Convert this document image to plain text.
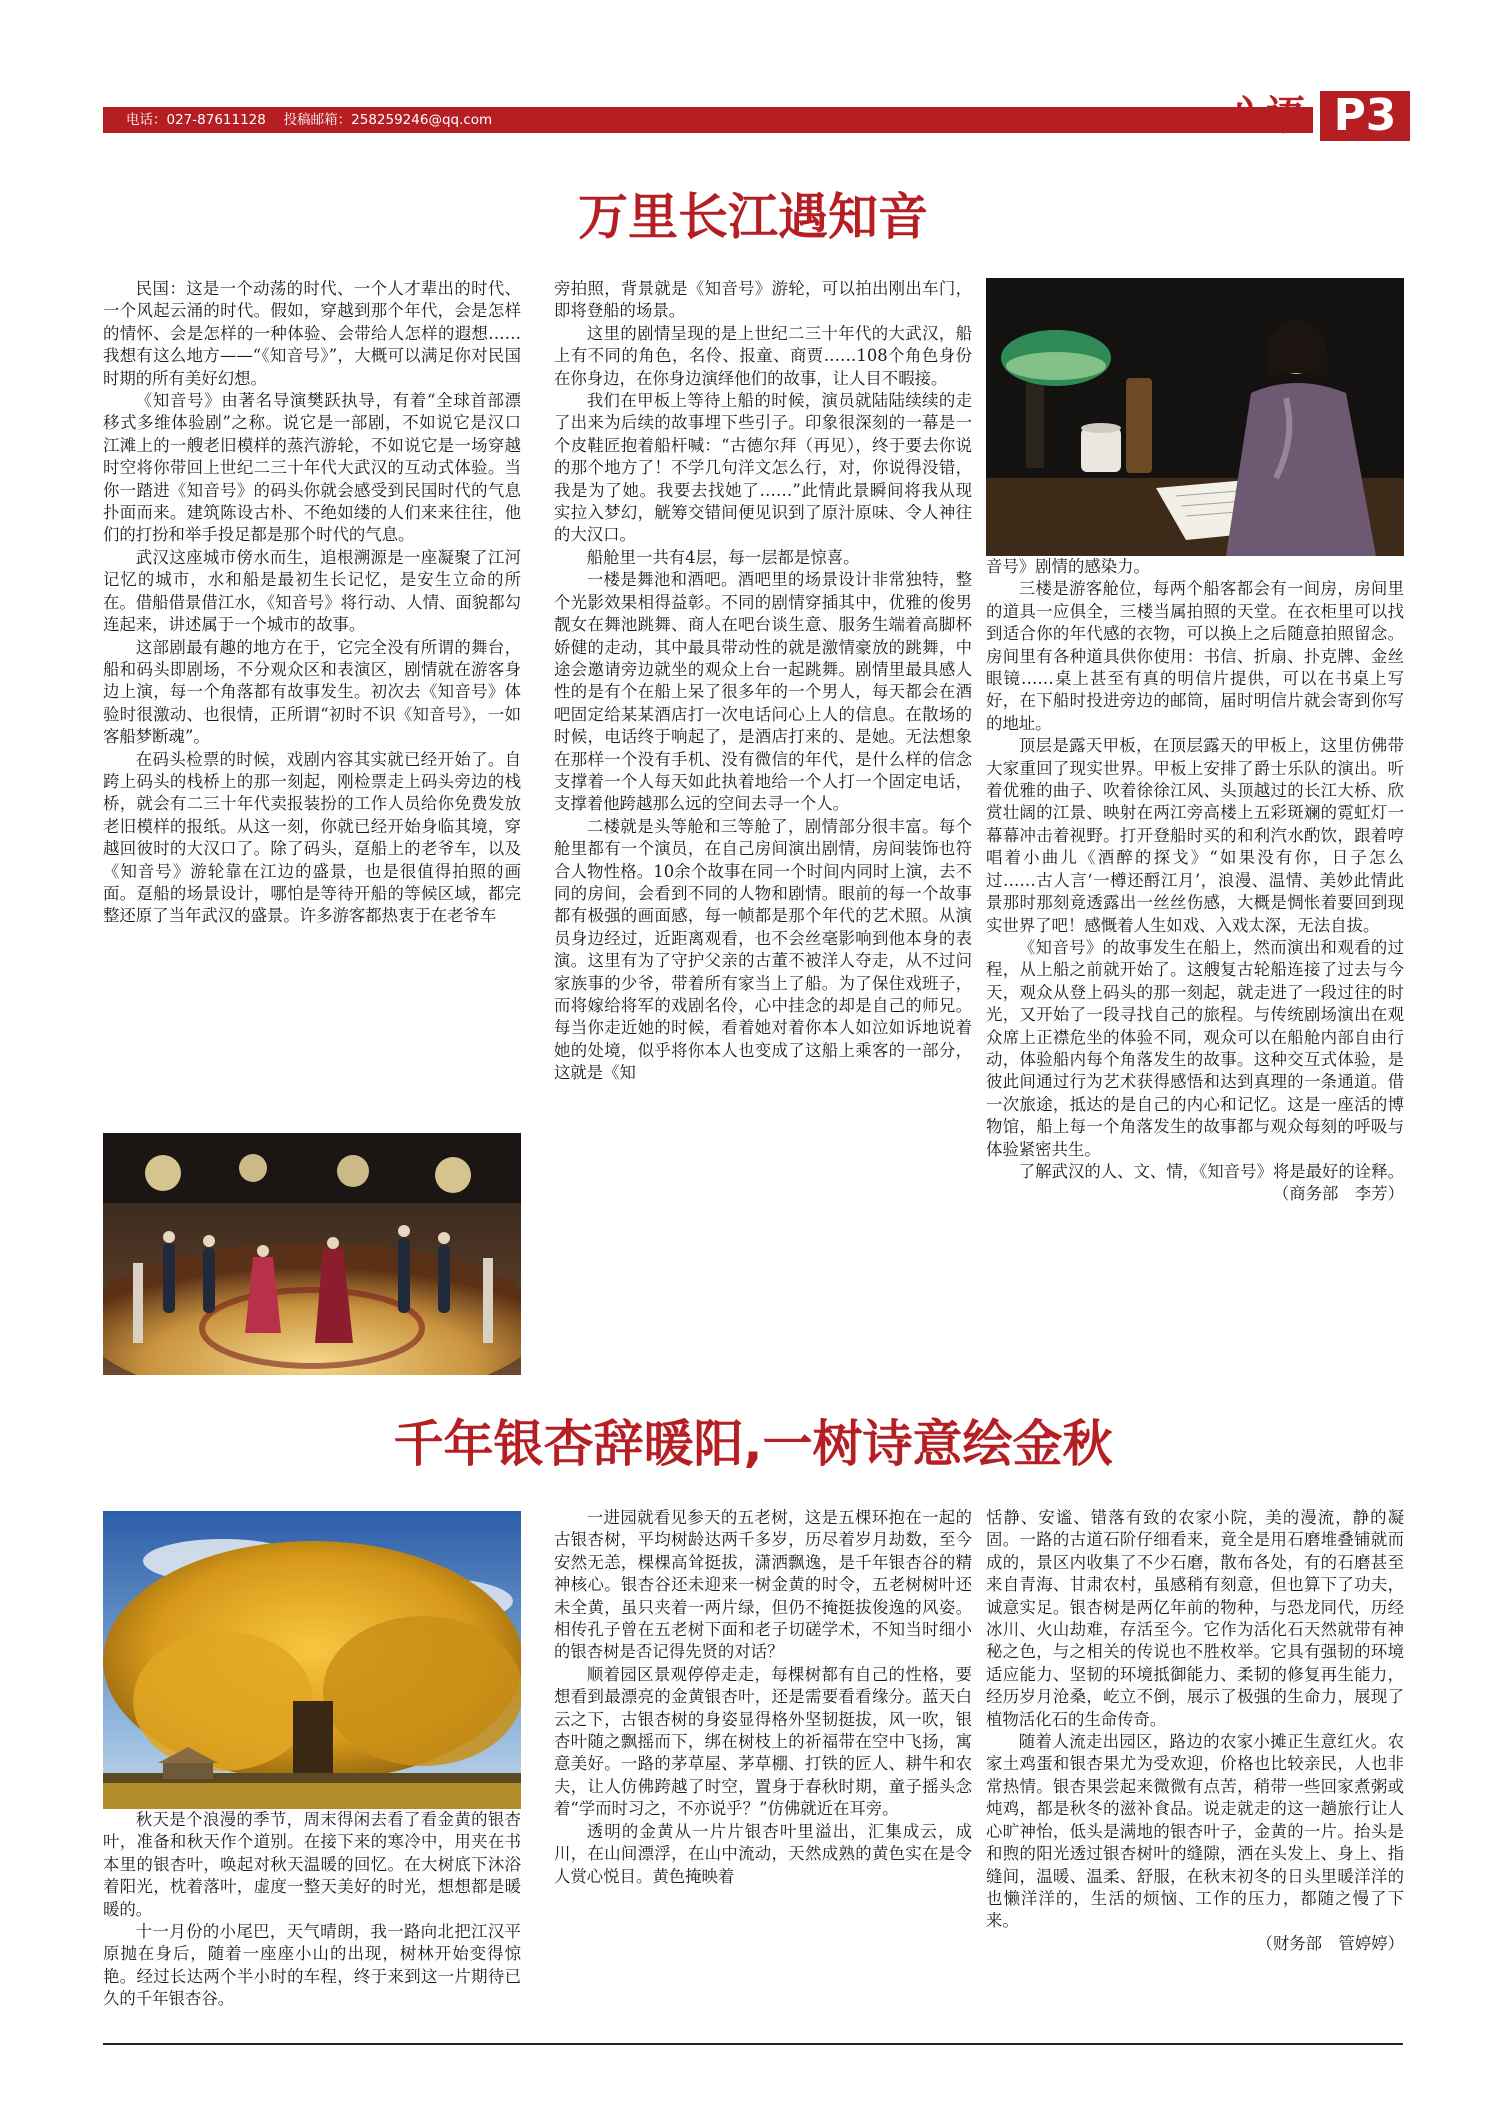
电话：027-87611128　 投稿邮箱：258259246@qq.com	心语 P3
万里长江遇知音

民国：这是一个动荡的时代、一个人才辈出的时代、一个风起云涌的时代。假如，穿越到那个年代，会是怎样的情怀、会是怎样的一种体验、会带给人怎样的遐想……我想有这么地方——“《知音号》”，大概可以满足你对民国时期的所有美好幻想。

《知音号》由著名导演樊跃执导，有着“全球首部漂移式多维体验剧”之称。说它是一部剧，不如说它是汉口江滩上的一艘老旧模样的蒸汽游轮，不如说它是一场穿越时空将你带回上世纪二三十年代大武汉的互动式体验。当你一踏进《知音号》的码头你就会感受到民国时代的气息扑面而来。建筑陈设古朴、不绝如缕的人们来来往往，他们的打扮和举手投足都是那个时代的气息。

武汉这座城市傍水而生，追根溯源是一座凝聚了江河记忆的城市，水和船是最初生长记忆，是安生立命的所在。借船借景借江水，《知音号》将行动、人情、面貌都勾连起来，讲述属于一个城市的故事。

这部剧最有趣的地方在于，它完全没有所谓的舞台，船和码头即剧场，不分观众区和表演区，剧情就在游客身边上演，每一个角落都有故事发生。初次去《知音号》体验时很激动、也很情，正所谓“初时不识《知音号》，一如客船梦断魂”。

在码头检票的时候，戏剧内容其实就已经开始了。自跨上码头的栈桥上的那一刻起，刚检票走上码头旁边的栈桥，就会有二三十年代卖报装扮的工作人员给你免费发放老旧模样的报纸。从这一刻，你就已经开始身临其境，穿越回彼时的大汉口了。除了码头，趸船上的老爷车，以及《知音号》游轮靠在江边的盛景，也是很值得拍照的画面。趸船的场景设计，哪怕是等待开船的等候区域，都完整还原了当年武汉的盛景。许多游客都热衷于在老爷车

旁拍照，背景就是《知音号》游轮，可以拍出刚出车门，即将登船的场景。

这里的剧情呈现的是上世纪二三十年代的大武汉，船上有不同的角色，名伶、报童、商贾……108个角色身份在你身边，在你身边演绎他们的故事，让人目不暇接。

我们在甲板上等待上船的时候，演员就陆陆续续的走了出来为后续的故事埋下些引子。印象很深刻的一幕是一个皮鞋匠抱着船杆喊：“古德尔拜（再见），终于要去你说的那个地方了！不学几句洋文怎么行，对，你说得没错，我是为了她。我要去找她了……”此情此景瞬间将我从现实拉入梦幻，觥筹交错间便见识到了原汁原味、令人神往的大汉口。

船舱里一共有4层，每一层都是惊喜。

一楼是舞池和酒吧。酒吧里的场景设计非常独特，整个光影效果相得益彰。不同的剧情穿插其中，优雅的俊男靓女在舞池跳舞、商人在吧台谈生意、服务生端着高脚杯娇健的走动，其中最具带动性的就是激情豪放的跳舞，中途会邀请旁边就坐的观众上台一起跳舞。剧情里最具感人性的是有个在船上呆了很多年的一个男人，每天都会在酒吧固定给某某酒店打一次电话问心上人的信息。在散场的时候，电话终于响起了，是酒店打来的、是她。无法想象在那样一个没有手机、没有微信的年代，是什么样的信念支撑着一个人每天如此执着地给一个人打一个固定电话，支撑着他跨越那么远的空间去寻一个人。

二楼就是头等舱和三等舱了，剧情部分很丰富。每个舱里都有一个演员，在自己房间演出剧情，房间装饰也符合人物性格。10余个故事在同一个时间内同时上演，去不同的房间，会看到不同的人物和剧情。眼前的每一个故事都有极强的画面感，每一帧都是那个年代的艺术照。从演员身边经过，近距离观看，也不会丝毫影响到他本身的表演。这里有为了守护父亲的古董不被洋人夺走，从不过问家族事的少爷，带着所有家当上了船。为了保住戏班子，而将嫁给将军的戏剧名伶，心中挂念的却是自己的师兄。每当你走近她的时候，看着她对着你本人如泣如诉地说着她的处境，似乎将你本人也变成了这船上乘客的一部分，这就是《知

音号》剧情的感染力。

三楼是游客舱位，每两个船客都会有一间房，房间里的道具一应俱全，三楼当属拍照的天堂。在衣柜里可以找到适合你的年代感的衣物，可以换上之后随意拍照留念。房间里有各种道具供你使用：书信、折扇、扑克牌、金丝眼镜……桌上甚至有真的明信片提供，可以在书桌上写好，在下船时投进旁边的邮筒，届时明信片就会寄到你写的地址。

顶层是露天甲板，在顶层露天的甲板上，这里仿佛带大家重回了现实世界。甲板上安排了爵士乐队的演出。听着优雅的曲子、吹着徐徐江风、头顶越过的长江大桥、欣赏壮阔的江景、映射在两江旁高楼上五彩斑斓的霓虹灯一幕幕冲击着视野。打开登船时买的和利汽水酌饮，跟着哼唱着小曲儿《酒醉的探戈》“如果没有你，日子怎么过……古人言‘一樽还酹江月’，浪漫、温情、美妙此情此景那时那刻竟透露出一丝丝伤感，大概是惆怅着要回到现实世界了吧！感慨着人生如戏、入戏太深，无法自拔。

《知音号》的故事发生在船上，然而演出和观看的过程，从上船之前就开始了。这艘复古轮船连接了过去与今天，观众从登上码头的那一刻起，就走进了一段过往的时光，又开始了一段寻找自己的旅程。与传统剧场演出在观众席上正襟危坐的体验不同，观众可以在船舱内部自由行动，体验船内每个角落发生的故事。这种交互式体验，是彼此间通过行为艺术获得感悟和达到真理的一条通道。借一次旅途，抵达的是自己的内心和记忆。这是一座活的博物馆，船上每一个角落发生的故事都与观众每刻的呼吸与体验紧密共生。

了解武汉的人、文、情，《知音号》将是最好的诠释。

（商务部　李芳）

千年银杏辞暖阳,一树诗意绘金秋

秋天是个浪漫的季节，周末得闲去看了看金黄的银杏叶，准备和秋天作个道别。在接下来的寒冷中，用夹在书本里的银杏叶，唤起对秋天温暖的回忆。在大树底下沐浴着阳光，枕着落叶，虚度一整天美好的时光，想想都是暖暖的。

十一月份的小尾巴，天气晴朗，我一路向北把江汉平原抛在身后，随着一座座小山的出现，树林开始变得惊艳。经过长达两个半小时的车程，终于来到这一片期待已久的千年银杏谷。

一进园就看见参天的五老树，这是五棵环抱在一起的古银杏树，平均树龄达两千多岁，历尽着岁月劫数，至今安然无恙，棵棵高耸挺拔，潇洒飘逸，是千年银杏谷的精神核心。银杏谷还未迎来一树金黄的时令，五老树树叶还未全黄，虽只夹着一两片绿，但仍不掩挺拔俊逸的风姿。相传孔子曾在五老树下面和老子切磋学术，不知当时细小的银杏树是否记得先贤的对话？

顺着园区景观停停走走，每棵树都有自己的性格，要想看到最漂亮的金黄银杏叶，还是需要看看缘分。蓝天白云之下，古银杏树的身姿显得格外坚韧挺拔，风一吹，银杏叶随之飘摇而下，绑在树枝上的祈福带在空中飞扬，寓意美好。一路的茅草屋、茅草棚、打铁的匠人、耕牛和农夫，让人仿佛跨越了时空，置身于春秋时期，童子摇头念着“学而时习之，不亦说乎？”仿佛就近在耳旁。

透明的金黄从一片片银杏叶里溢出，汇集成云，成川，在山间漂浮，在山中流动，天然成熟的黄色实在是令人赏心悦目。黄色掩映着

恬静、安谧、错落有致的农家小院，美的漫流，静的凝固。一路的古道石阶仔细看来，竟全是用石磨堆叠铺就而成的，景区内收集了不少石磨，散布各处，有的石磨甚至来自青海、甘肃农村，虽感稍有刻意，但也算下了功夫，诚意实足。银杏树是两亿年前的物种，与恐龙同代，历经冰川、火山劫难，存活至今。它作为活化石天然就带有神秘之色，与之相关的传说也不胜枚举。它具有强韧的环境适应能力、坚韧的环境抵御能力、柔韧的修复再生能力，经历岁月沧桑，屹立不倒，展示了极强的生命力，展现了植物活化石的生命传奇。

随着人流走出园区，路边的农家小摊正生意红火。农家土鸡蛋和银杏果尤为受欢迎，价格也比较亲民，人也非常热情。银杏果尝起来微微有点苦，稍带一些回家煮粥或炖鸡，都是秋冬的滋补食品。说走就走的这一趟旅行让人心旷神怡，低头是满地的银杏叶子，金黄的一片。抬头是和煦的阳光透过银杏树叶的缝隙，洒在头发上、身上、指缝间，温暖、温柔、舒服，在秋末初冬的日头里暖洋洋的也懒洋洋的，生活的烦恼、工作的压力，都随之慢了下来。

（财务部　管婷婷）
